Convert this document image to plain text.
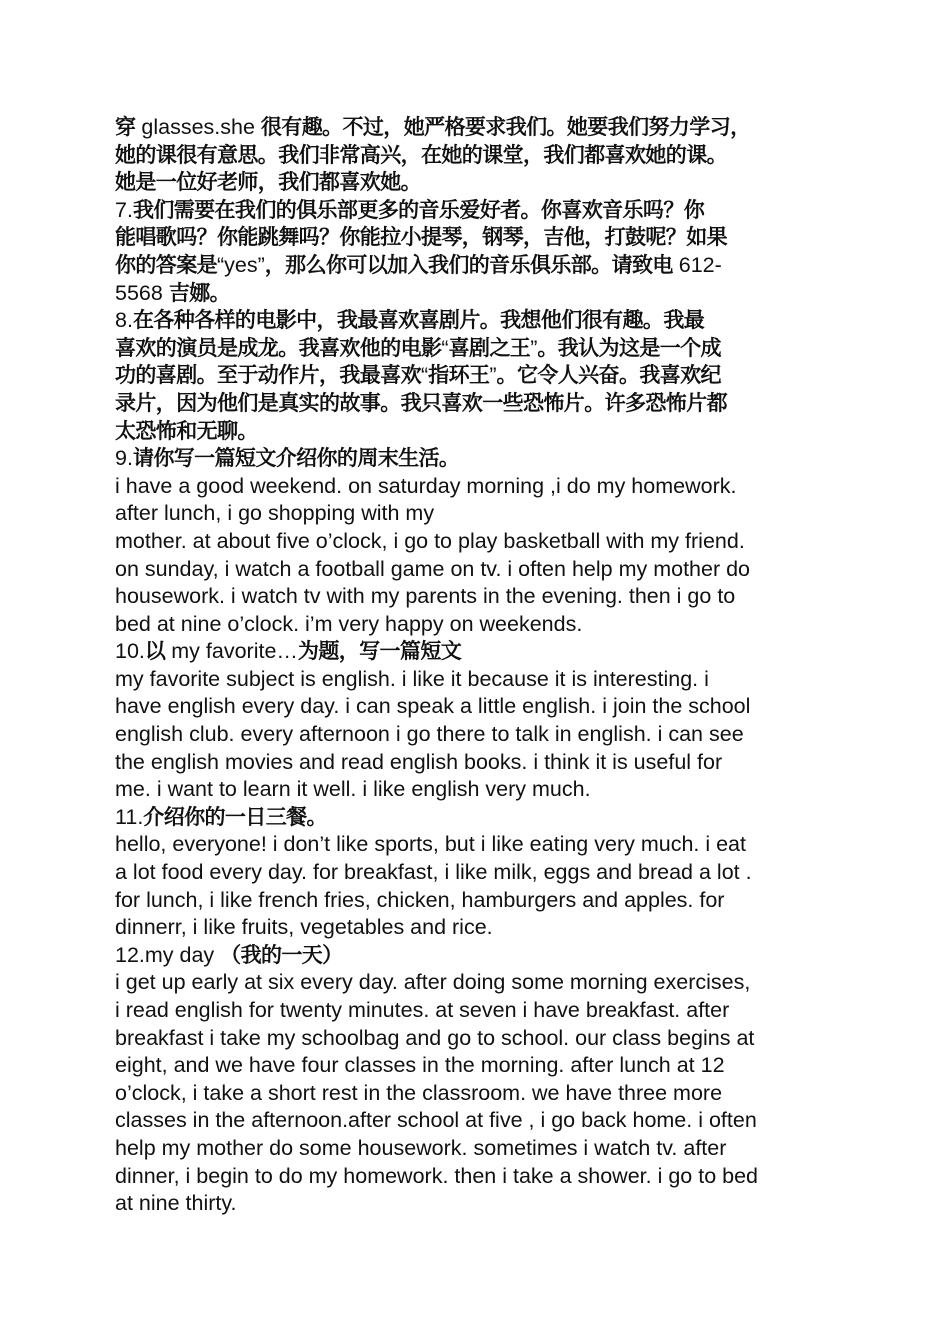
穿 glasses.she 很有趣。不过，她严格要求我们。她要我们努力学习，
她的课很有意思。我们非常高兴，在她的课堂，我们都喜欢她的课。
她是一位好老师，我们都喜欢她。
7.我们需要在我们的俱乐部更多的音乐爱好者。你喜欢音乐吗？你
能唱歌吗？你能跳舞吗？你能拉小提琴，钢琴，吉他，打鼓呢？如果
你的答案是“yes”，那么你可以加入我们的音乐俱乐部。请致电 612-
5568 吉娜。
8.在各种各样的电影中，我最喜欢喜剧片。我想他们很有趣。我最
喜欢的演员是成龙。我喜欢他的电影“喜剧之王”。我认为这是一个成
功的喜剧。至于动作片，我最喜欢“指环王”。它令人兴奋。我喜欢纪
录片，因为他们是真实的故事。我只喜欢一些恐怖片。许多恐怖片都
太恐怖和无聊。
9.请你写一篇短文介绍你的周末生活。
i have a good weekend. on saturday morning ,i do my homework.
after lunch, i go shopping with my
mother. at about five o’clock, i go to play basketball with my friend.
on sunday, i watch a football game on tv. i often help my mother do
housework. i watch tv with my parents in the evening. then i go to
bed at nine o’clock. i’m very happy on weekends.
10.以 my favorite…为题，写一篇短文
my favorite subject is english. i like it because it is interesting. i
have english every day. i can speak a little english. i join the school
english club. every afternoon i go there to talk in english. i can see
the english movies and read english books. i think it is useful for
me. i want to learn it well. i like english very much.
11.介绍你的一日三餐。
hello, everyone! i don’t like sports, but i like eating very much. i eat
a lot food every day. for breakfast, i like milk, eggs and bread a lot .
for lunch, i like french fries, chicken, hamburgers and apples. for
dinnerr, i like fruits, vegetables and rice.
12.my day （我的一天）
i get up early at six every day. after doing some morning exercises,
i read english for twenty minutes. at seven i have breakfast. after
breakfast i take my schoolbag and go to school. our class begins at
eight, and we have four classes in the morning. after lunch at 12
o’clock, i take a short rest in the classroom. we have three more
classes in the afternoon.after school at five , i go back home. i often
help my mother do some housework. sometimes i watch tv. after
dinner, i begin to do my homework. then i take a shower. i go to bed
at nine thirty.
